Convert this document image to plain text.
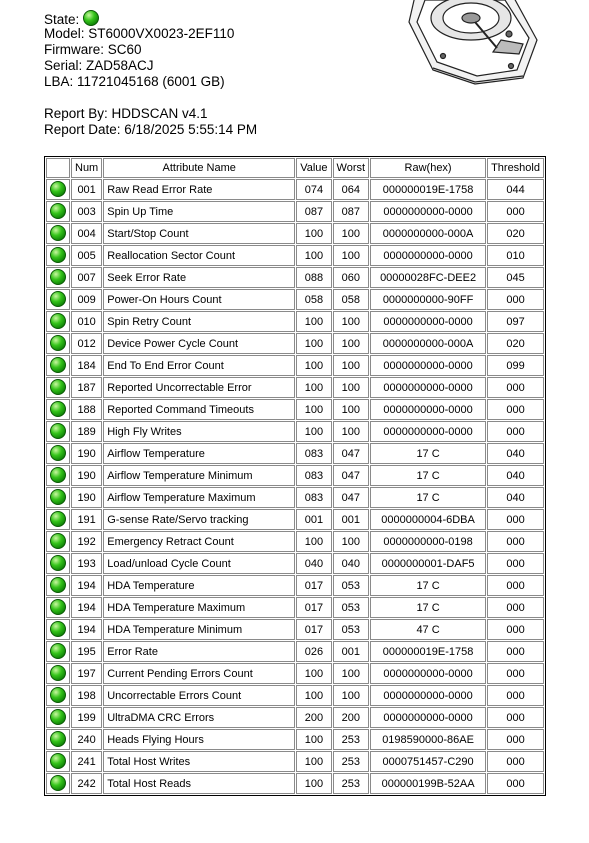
State:
Model: ST6000VX0023-2EF110
Firmware: SC60
Serial: ZAD58ACJ
LBA: 11721045168 (6001 GB)
Report By: HDDSCAN v4.1
Report Date: 6/18/2025 5:55:14 PM
	Num	Attribute Name	Value	Worst	Raw(hex)	Threshold
	001	Raw Read Error Rate	074	064	000000019E-1758	044
	003	Spin Up Time	087	087	0000000000-0000	000
	004	Start/Stop Count	100	100	0000000000-000A	020
	005	Reallocation Sector Count	100	100	0000000000-0000	010
	007	Seek Error Rate	088	060	00000028FC-DEE2	045
	009	Power-On Hours Count	058	058	0000000000-90FF	000
	010	Spin Retry Count	100	100	0000000000-0000	097
	012	Device Power Cycle Count	100	100	0000000000-000A	020
	184	End To End Error Count	100	100	0000000000-0000	099
	187	Reported Uncorrectable Error	100	100	0000000000-0000	000
	188	Reported Command Timeouts	100	100	0000000000-0000	000
	189	High Fly Writes	100	100	0000000000-0000	000
	190	Airflow Temperature	083	047	17 C	040
	190	Airflow Temperature Minimum	083	047	17 C	040
	190	Airflow Temperature Maximum	083	047	17 C	040
	191	G-sense Rate/Servo tracking	001	001	0000000004-6DBA	000
	192	Emergency Retract Count	100	100	0000000000-0198	000
	193	Load/unload Cycle Count	040	040	0000000001-DAF5	000
	194	HDA Temperature	017	053	17 C	000
	194	HDA Temperature Maximum	017	053	17 C	000
	194	HDA Temperature Minimum	017	053	47 C	000
	195	Error Rate	026	001	000000019E-1758	000
	197	Current Pending Errors Count	100	100	0000000000-0000	000
	198	Uncorrectable Errors Count	100	100	0000000000-0000	000
	199	UltraDMA CRC Errors	200	200	0000000000-0000	000
	240	Heads Flying Hours	100	253	0198590000-86AE	000
	241	Total Host Writes	100	253	0000751457-C290	000
	242	Total Host Reads	100	253	000000199B-52AA	000
